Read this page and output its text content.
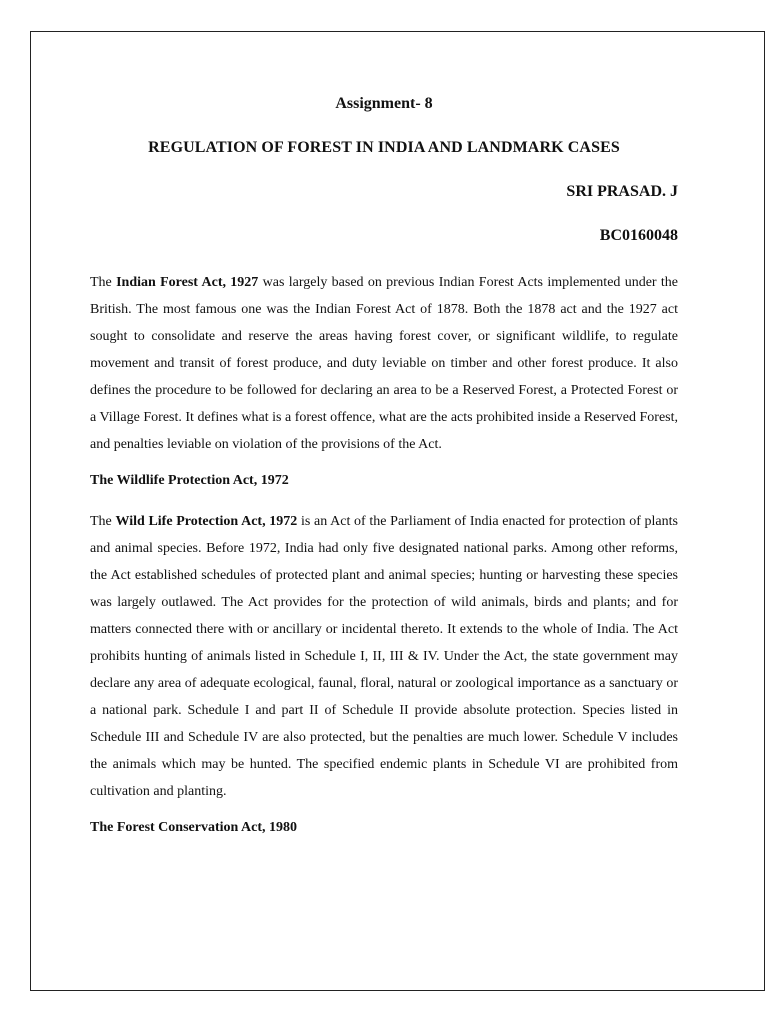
Assignment- 8
REGULATION OF FOREST IN INDIA AND LANDMARK CASES
SRI PRASAD. J
BC0160048

The Indian Forest Act, 1927 was largely based on previous Indian Forest Acts implemented under the British. The most famous one was the Indian Forest Act of 1878. Both the 1878 act and the 1927 act sought to consolidate and reserve the areas having forest cover, or significant wildlife, to regulate movement and transit of forest produce, and duty leviable on timber and other forest produce. It also defines the procedure to be followed for declaring an area to be a Reserved Forest, a Protected Forest or a Village Forest. It defines what is a forest offence, what are the acts prohibited inside a Reserved Forest, and penalties leviable on violation of the provisions of the Act.

The Wildlife Protection Act, 1972

The Wild Life Protection Act, 1972 is an Act of the Parliament of India enacted for protection of plants and animal species. Before 1972, India had only five designated national parks. Among other reforms, the Act established schedules of protected plant and animal species; hunting or harvesting these species was largely outlawed. The Act provides for the protection of wild animals, birds and plants; and for matters connected there with or ancillary or incidental thereto. It extends to the whole of India. The Act prohibits hunting of animals listed in Schedule I, II, III & IV. Under the Act, the state government may declare any area of adequate ecological, faunal, floral, natural or zoological importance as a sanctuary or a national park. Schedule I and part II of Schedule II provide absolute protection. Species listed in Schedule III and Schedule IV are also protected, but the penalties are much lower. Schedule V includes the animals which may be hunted. The specified endemic plants in Schedule VI are prohibited from cultivation and planting.

The Forest Conservation Act, 1980
